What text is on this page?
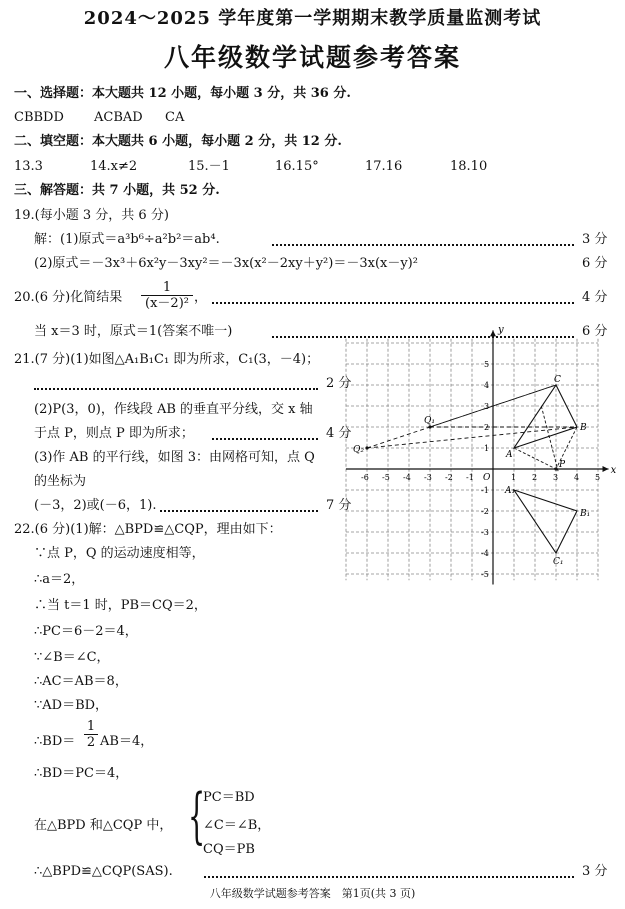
2024～2025 学年度第一学期期末教学质量监测考试
八年级数学试题参考答案
一、选择题：本大题共 12 小题，每小题 3 分，共 36 分.
CBBDD ACBAD CA
二、填空题：本大题共 6 小题，每小题 2 分，共 12 分.
13.3	14.x≠2	15.－1	16.15°	17.16	18.10
三、解答题：共 7 小题，共 52 分.
19.(每小题 3 分，共 6 分)
解：(1)原式＝a³b⁶÷a²b²＝ab⁴.	3 分
(2)原式＝－3x³＋6x²y－3xy²＝－3x(x²－2xy＋y²)＝－3x(x－y)²	6 分
20.(6 分)化简结果 $\frac{1}{\text{(x－2)²}}$ ，	4 分
当 x＝3 时，原式＝1(答案不唯一)	6 分
21.(7 分)(1)如图△A₁B₁C₁ 即为所求，C₁(3，－4)；
2 分
(2)P(3，0)，作线段 AB 的垂直平分线，交 x 轴
于点 P，则点 P 即为所求；	4 分
(3)作 AB 的平行线，如图 3：由网格可知，点 Q
的坐标为
(－3，2)或(－6，1).	7 分
x
y
O
-6 -5 -4 -3 -2 -1	1 2 3 4 5
5
4
3
2
1
-1
-2
-3
-4
-5
C
B
A
P
Q₁
Q₂
A₁
B₁
C₁
22.(6 分)(1)解：△BPD≌△CQP，理由如下：
∵点 P，Q 的运动速度相等，
∴a＝2，
∴当 t＝1 时，PB＝CQ＝2，
∴PC＝6－2＝4，
∵∠B＝∠C，
∴AC＝AB＝8，
∵AD＝BD，
∴BD＝ $\frac{1}{2} AB=4$，
∴BD＝PC＝4，
在△BPD 和△CQP 中， {
PC＝BD
∠C＝∠B，
CQ＝PB
∴△BPD≌△CQP(SAS).	3 分
八年级数学试题参考答案　第1页(共 3 页)
